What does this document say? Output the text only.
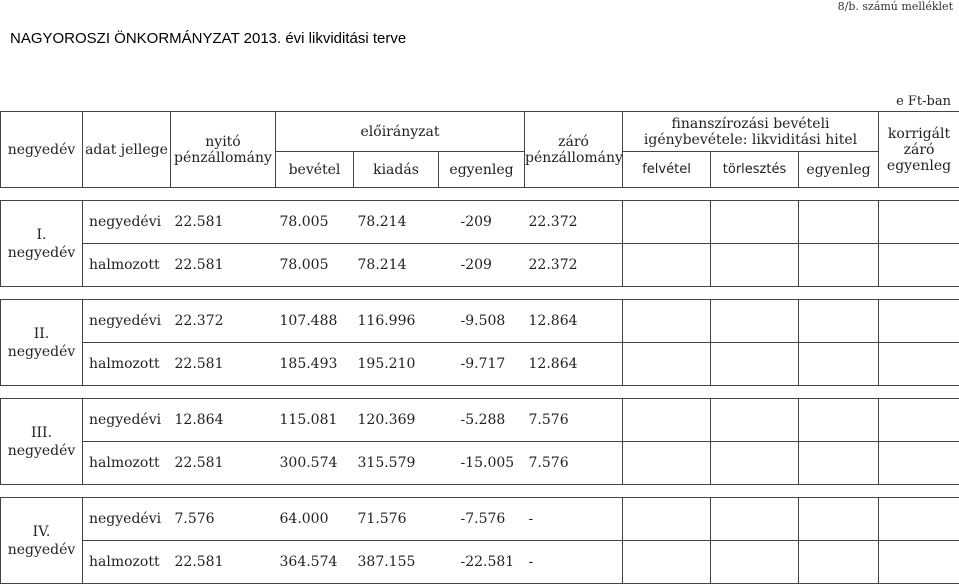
8/b. számú melléklet
NAGYOROSZI ÖNKORMÁNYZAT 2013. évi likviditási terve
e Ft-ban
negyedév	adat jellege	nyitó pénzállomány	előirányzat			záró pénzállomány	finanszírozási bevételi igénybevétele: likviditási hitel			korrigált záró egyenleg
			bevétel	kiadás	egyenleg		felvétel	törlesztés	egyenleg	

I. negyedév	negyedévi	22.581	78.005	78.214	-209	22.372				
	halmozott	22.581	78.005	78.214	-209	22.372				

II. negyedév	negyedévi	22.372	107.488	116.996	-9.508	12.864				
	halmozott	22.581	185.493	195.210	-9.717	12.864				

III. negyedév	negyedévi	12.864	115.081	120.369	-5.288	7.576				
	halmozott	22.581	300.574	315.579	-15.005	7.576				

IV. negyedév	negyedévi	7.576	64.000	71.576	-7.576	-				
	halmozott	22.581	364.574	387.155	-22.581	-				
